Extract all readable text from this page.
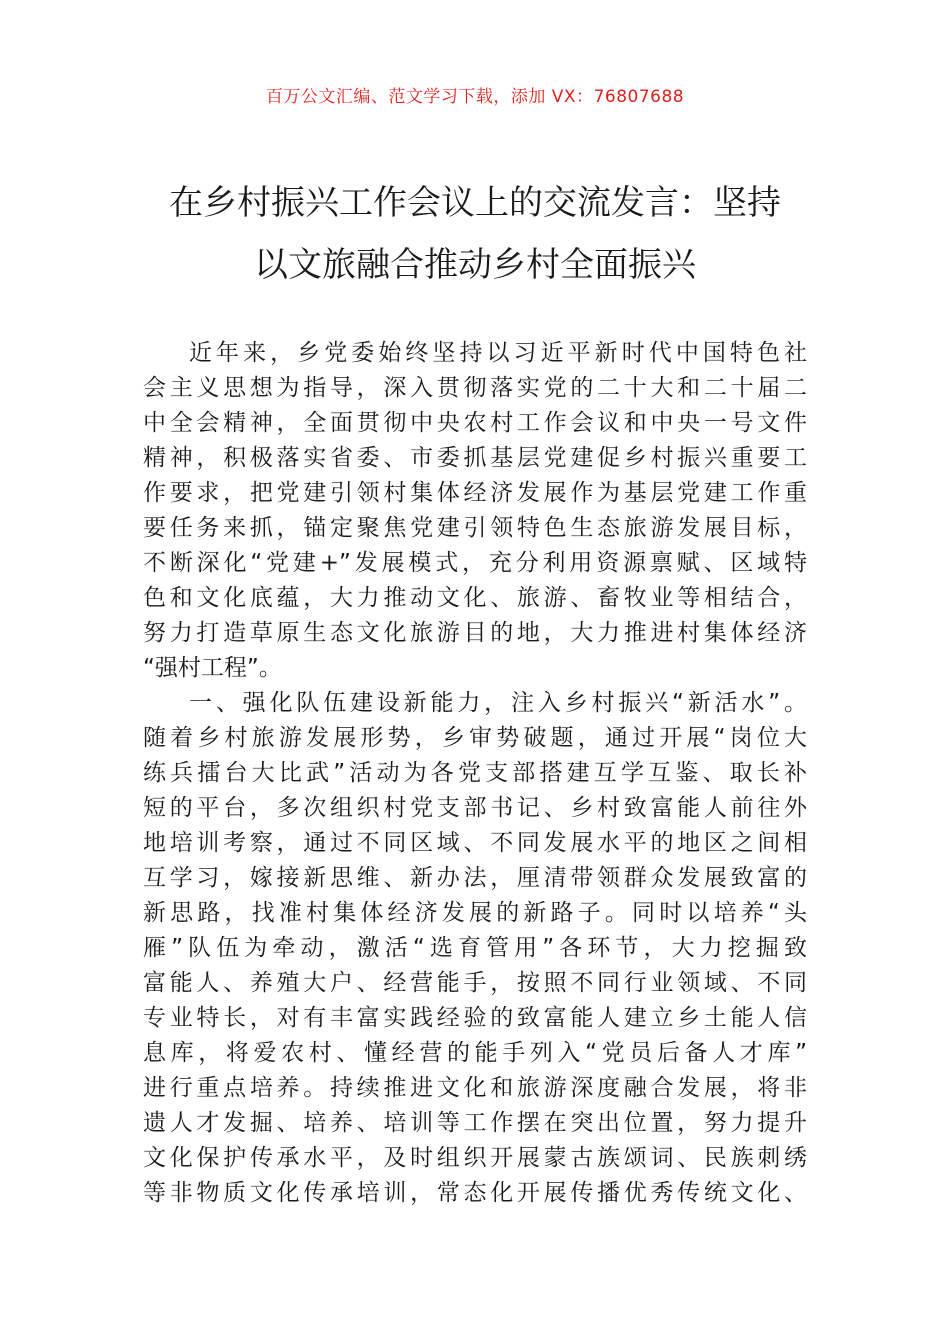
百万公文汇编、范文学习下载，添加 VX：76807688
在乡村振兴工作会议上的交流发言：坚持
以文旅融合推动乡村全面振兴
近年来，乡党委始终坚持以习近平新时代中国特色社
会主义思想为指导，深入贯彻落实党的二十大和二十届二
中全会精神，全面贯彻中央农村工作会议和中央一号文件
精神，积极落实省委、市委抓基层党建促乡村振兴重要工
作要求，把党建引领村集体经济发展作为基层党建工作重
要任务来抓，锚定聚焦党建引领特色生态旅游发展目标，
不断深化“党建+”发展模式，充分利用资源禀赋、区域特
色和文化底蕴，大力推动文化、旅游、畜牧业等相结合，
努力打造草原生态文化旅游目的地，大力推进村集体经济
“强村工程”。
一、强化队伍建设新能力，注入乡村振兴“新活水”。
随着乡村旅游发展形势，乡审势破题，通过开展“岗位大
练兵擂台大比武”活动为各党支部搭建互学互鉴、取长补
短的平台，多次组织村党支部书记、乡村致富能人前往外
地培训考察，通过不同区域、不同发展水平的地区之间相
互学习，嫁接新思维、新办法，厘清带领群众发展致富的
新思路，找准村集体经济发展的新路子。同时以培养“头
雁”队伍为牵动，激活“选育管用”各环节，大力挖掘致
富能人、养殖大户、经营能手，按照不同行业领域、不同
专业特长，对有丰富实践经验的致富能人建立乡土能人信
息库，将爱农村、懂经营的能手列入“党员后备人才库”
进行重点培养。持续推进文化和旅游深度融合发展，将非
遗人才发掘、培养、培训等工作摆在突出位置，努力提升
文化保护传承水平，及时组织开展蒙古族颂词、民族刺绣
等非物质文化传承培训，常态化开展传播优秀传统文化、
